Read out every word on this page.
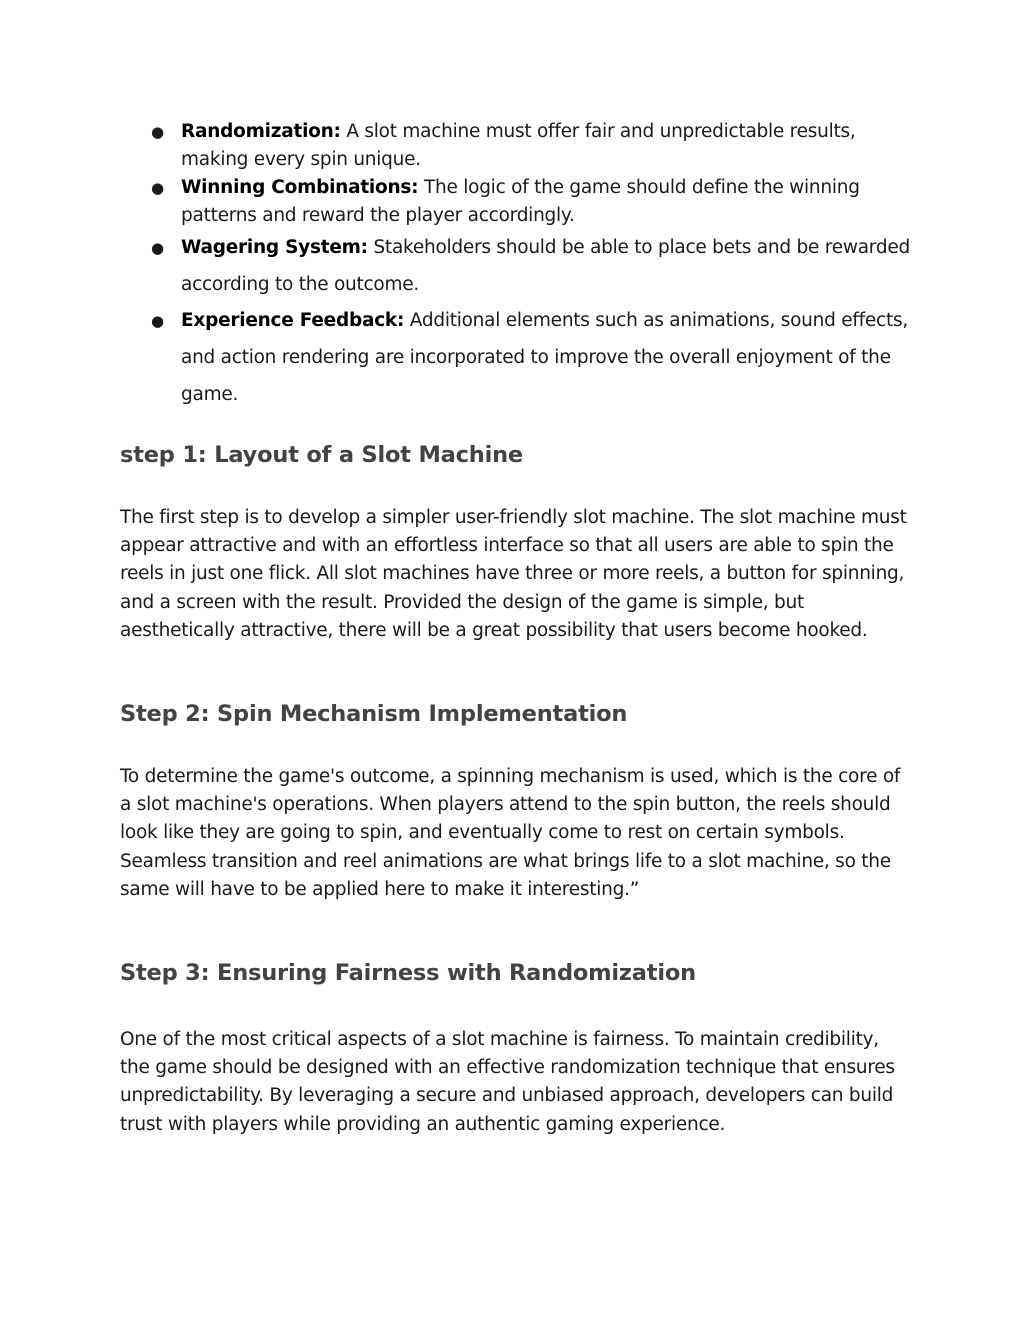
● Randomization: A slot machine must offer fair and unpredictable results, making every spin unique.
● Winning Combinations: The logic of the game should define the winning patterns and reward the player accordingly.
● Wagering System: Stakeholders should be able to place bets and be rewarded according to the outcome.
● Experience Feedback: Additional elements such as animations, sound effects, and action rendering are incorporated to improve the overall enjoyment of the game.
step 1: Layout of a Slot Machine

The first step is to develop a simpler user-friendly slot machine. The slot machine must appear attractive and with an effortless interface so that all users are able to spin the reels in just one flick. All slot machines have three or more reels, a button for spinning, and a screen with the result. Provided the design of the game is simple, but aesthetically attractive, there will be a great possibility that users become hooked.

Step 2: Spin Mechanism Implementation

To determine the game's outcome, a spinning mechanism is used, which is the core of a slot machine's operations. When players attend to the spin button, the reels should look like they are going to spin, and eventually come to rest on certain symbols. Seamless transition and reel animations are what brings life to a slot machine, so the same will have to be applied here to make it interesting.”

Step 3: Ensuring Fairness with Randomization

One of the most critical aspects of a slot machine is fairness. To maintain credibility, the game should be designed with an effective randomization technique that ensures unpredictability. By leveraging a secure and unbiased approach, developers can build trust with players while providing an authentic gaming experience.
